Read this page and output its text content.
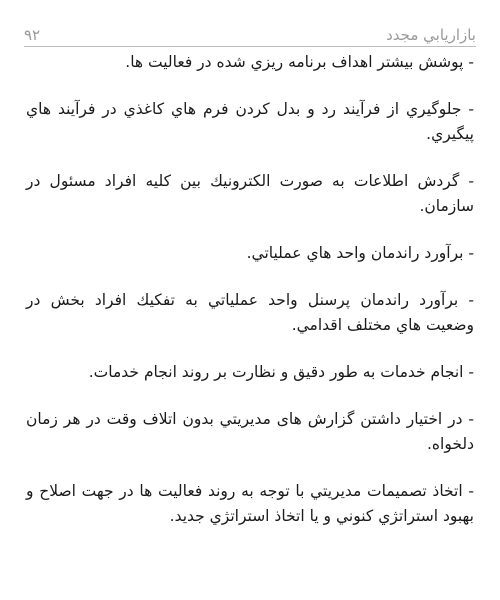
بازاريابي مجدد
۹۲

- پوشش بيشتر اهداف برنامه ريزي شده در فعاليت ها.

- جلوگيري از فرآيند رد و بدل كردن فرم هاي كاغذي در فرآيند هاي پيگيري.

- گردش اطلاعات به صورت الكترونيك بين كليه افراد مسئول در سازمان.

- برآورد راندمان واحد هاي عملياتي.

- برآورد راندمان پرسنل واحد عملياتي به تفكيك افراد بخش در وضعيت هاي مختلف اقدامي.

- انجام خدمات به طور دقيق و نظارت بر روند انجام خدمات.

- در اختيار داشتن گزارش هاى مديريتي بدون اتلاف وقت در هر زمان دلخواه.

- اتخاذ تصميمات مديريتي با توجه به روند فعاليت ها در جهت اصلاح و بهبود استراتژي كنوني و يا اتخاذ استراتژي جديد.
